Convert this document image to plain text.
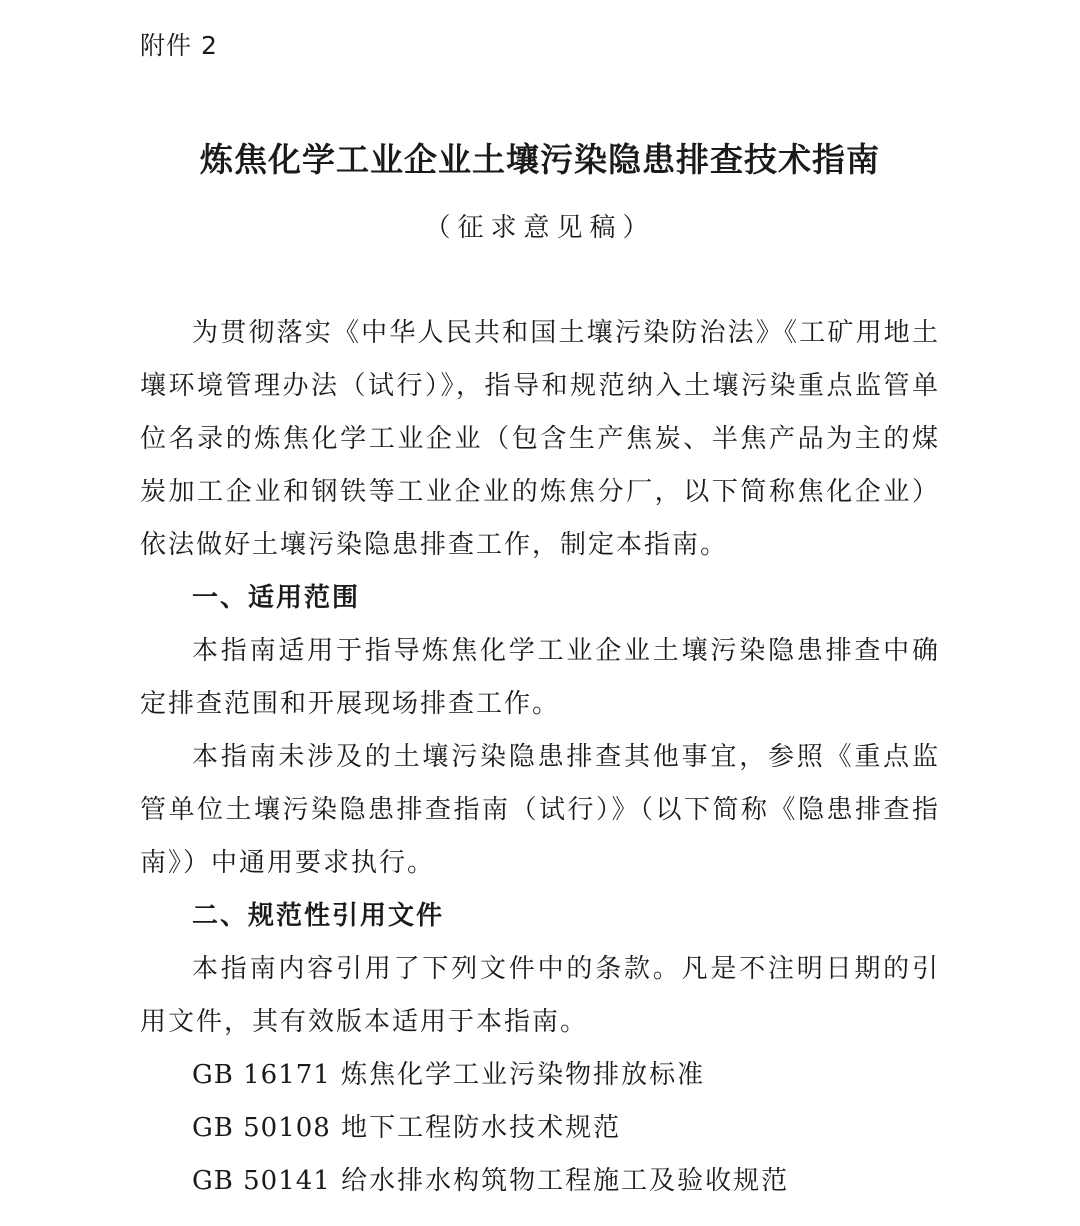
附件 2
炼焦化学工业企业土壤污染隐患排查技术指南
（征求意见稿）

为贯彻落实《中华人民共和国土壤污染防治法》《工矿用地土壤环境管理办法（试行）》，指导和规范纳入土壤污染重点监管单位名录的炼焦化学工业企业（包含生产焦炭、半焦产品为主的煤炭加工企业和钢铁等工业企业的炼焦分厂，以下简称焦化企业）依法做好土壤污染隐患排查工作，制定本指南。

一、适用范围

本指南适用于指导炼焦化学工业企业土壤污染隐患排查中确定排查范围和开展现场排查工作。

本指南未涉及的土壤污染隐患排查其他事宜，参照《重点监管单位土壤污染隐患排查指南（试行）》（以下简称《隐患排查指南》）中通用要求执行。

二、规范性引用文件

本指南内容引用了下列文件中的条款。凡是不注明日期的引用文件，其有效版本适用于本指南。

GB 16171 炼焦化学工业污染物排放标准

GB 50108 地下工程防水技术规范

GB 50141 给水排水构筑物工程施工及验收规范
